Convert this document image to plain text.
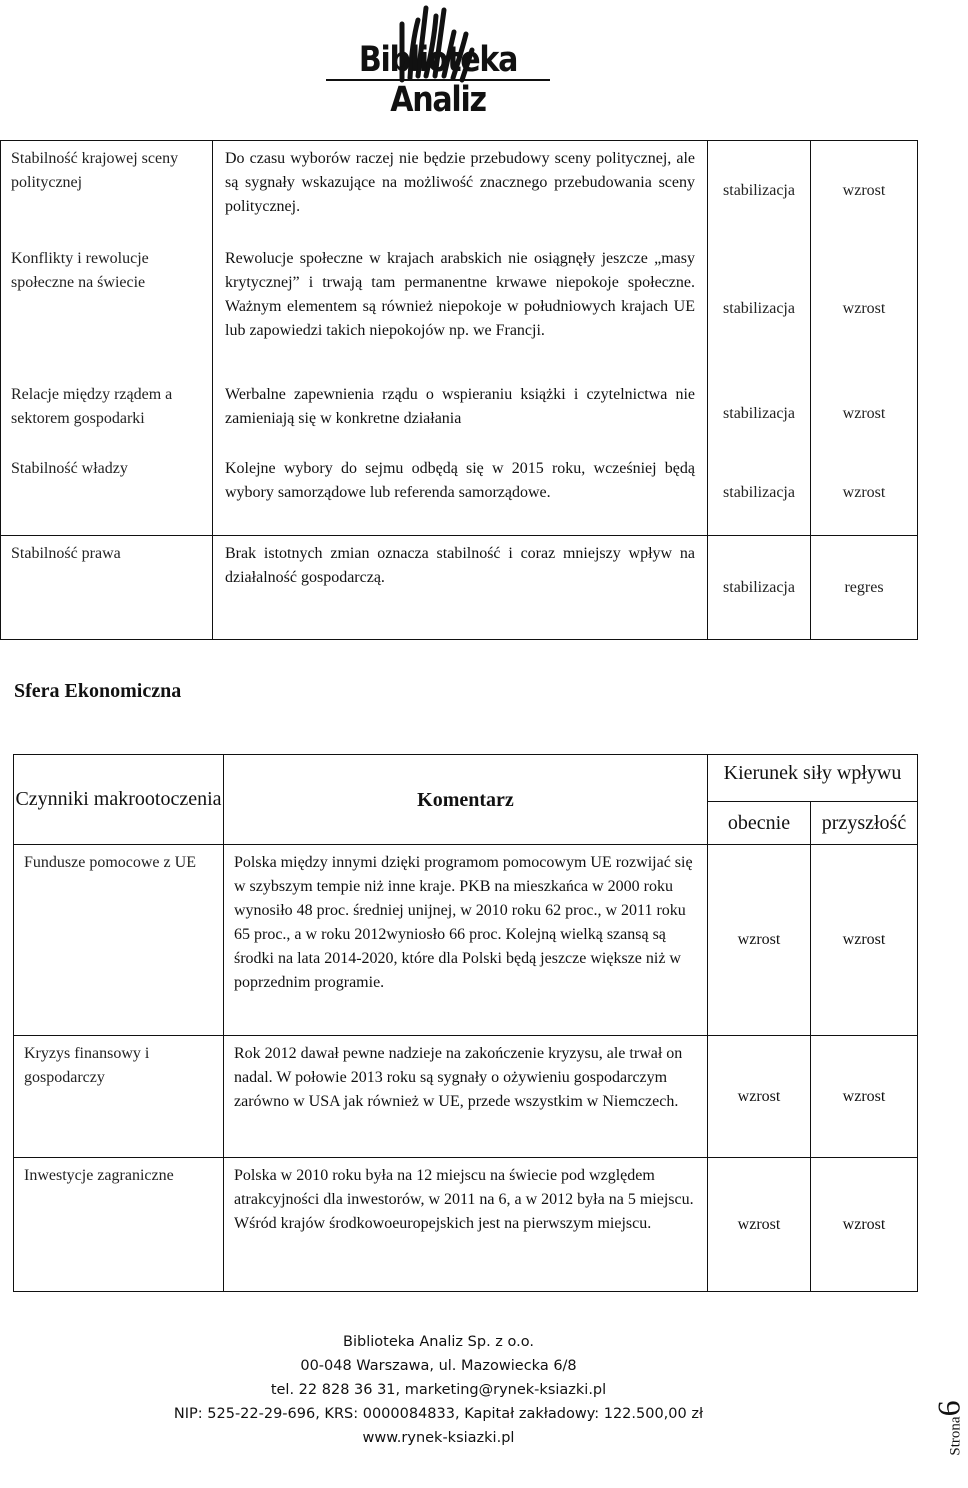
Biblioteka Analiz
Stabilność krajowej sceny politycznej	Do czasu wyborów raczej nie będzie przebudowy sceny politycznej, ale są sygnały wskazujące na możliwość znacznego przebudowania sceny politycznej.	stabilizacja	wzrost
Konflikty i rewolucje społeczne na świecie	Rewolucje społeczne w krajach arabskich nie osiągnęły jeszcze „masy krytycznej” i trwają tam permanentne krwawe niepokoje społeczne. Ważnym elementem są również niepokoje w południowych krajach UE lub zapowiedzi takich niepokojów np. we Francji.	stabilizacja	wzrost
Relacje między rządem a sektorem gospodarki	Werbalne zapewnienia rządu o wspieraniu książki i czytelnictwa nie zamieniają się w konkretne działania	stabilizacja	wzrost
Stabilność władzy	Kolejne wybory do sejmu odbędą się w 2015 roku, wcześniej będą wybory samorządowe lub referenda samorządowe.	stabilizacja	wzrost
Stabilność prawa	Brak istotnych zmian oznacza stabilność i coraz mniejszy wpływ na działalność gospodarczą.	stabilizacja	regres
Sfera Ekonomiczna
Czynniki makrootoczenia	Komentarz	Kierunek siły wpływu	
		obecnie	przyszłość
Fundusze pomocowe z UE	Polska między innymi dzięki programom pomocowym UE rozwijać się w szybszym tempie niż inne kraje. PKB na mieszkańca w 2000 roku wynosiło 48 proc. średniej unijnej, w 2010 roku 62 proc., w 2011 roku 65 proc., a w roku 2012wyniosło 66 proc. Kolejną wielką szansą są środki na lata 2014-2020, które dla Polski będą jeszcze większe niż w poprzednim programie.	wzrost	wzrost
Kryzys finansowy i gospodarczy	Rok 2012 dawał pewne nadzieje na zakończenie kryzysu, ale trwał on nadal. W połowie 2013 roku są sygnały o ożywieniu gospodarczym zarówno w USA jak również w UE, przede wszystkim w Niemczech.	wzrost	wzrost
Inwestycje zagraniczne	Polska w 2010 roku była na 12 miejscu na świecie pod względem atrakcyjności dla inwestorów, w 2011 na 6, a w 2012 była na 5 miejscu. Wśród krajów środkowoeuropejskich jest na pierwszym miejscu.	wzrost	wzrost
Biblioteka Analiz Sp. z o.o.
00-048 Warszawa, ul. Mazowiecka 6/8
tel. 22 828 36 31, marketing@rynek-ksiazki.pl
NIP: 525-22-29-696, KRS: 0000084833, Kapitał zakładowy: 122.500,00 zł
www.rynek-ksiazki.pl	Strona6
